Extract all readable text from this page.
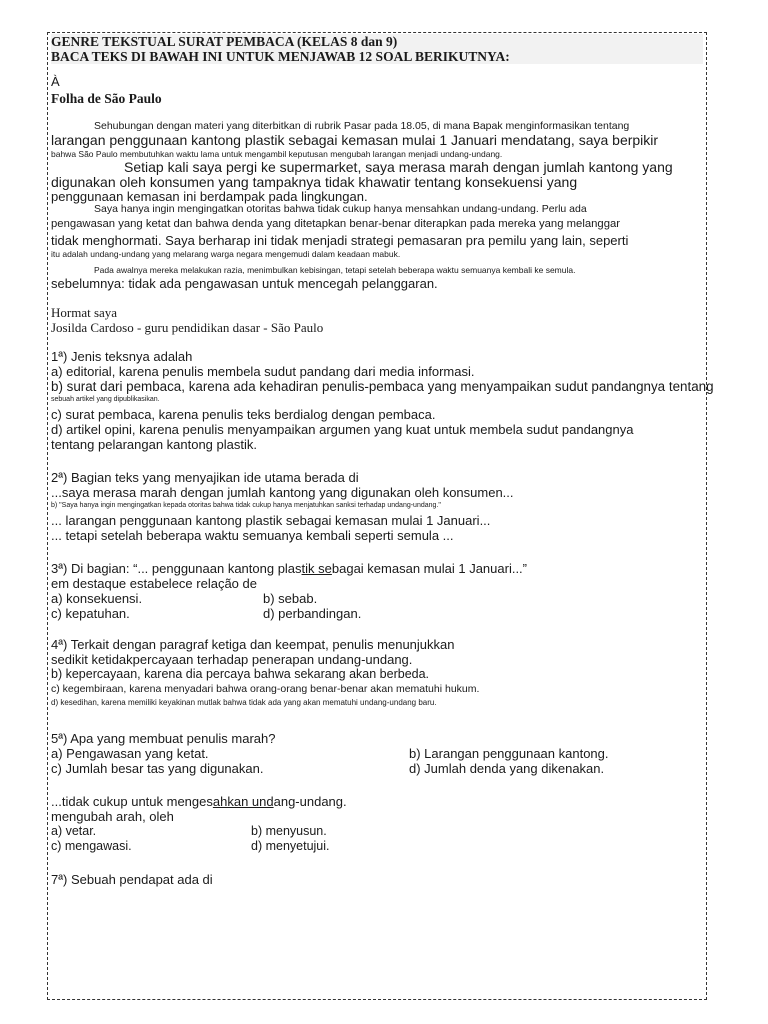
GENRE TEKSTUAL SURAT PEMBACA (KELAS 8 dan 9)
BACA TEKS DI BAWAH INI UNTUK MENJAWAB 12 SOAL BERIKUTNYA:
À
Folha de São Paulo
Sehubungan dengan materi yang diterbitkan di rubrik Pasar pada 18.05, di mana Bapak menginformasikan tentang
larangan penggunaan kantong plastik sebagai kemasan mulai 1 Januari mendatang, saya berpikir
bahwa São Paulo membutuhkan waktu lama untuk mengambil keputusan mengubah larangan menjadi undang-undang.
Setiap kali saya pergi ke supermarket, saya merasa marah dengan jumlah kantong yang
digunakan oleh konsumen yang tampaknya tidak khawatir tentang konsekuensi yang
penggunaan kemasan ini berdampak pada lingkungan.
Saya hanya ingin mengingatkan otoritas bahwa tidak cukup hanya mensahkan undang-undang. Perlu ada
pengawasan yang ketat dan bahwa denda yang ditetapkan benar-benar diterapkan pada mereka yang melanggar
tidak menghormati. Saya berharap ini tidak menjadi strategi pemasaran pra pemilu yang lain, seperti
itu adalah undang-undang yang melarang warga negara mengemudi dalam keadaan mabuk.
Pada awalnya mereka melakukan razia, menimbulkan kebisingan, tetapi setelah beberapa waktu semuanya kembali ke semula.
sebelumnya: tidak ada pengawasan untuk mencegah pelanggaran.
Hormat saya
Josilda Cardoso - guru pendidikan dasar - São Paulo
1ª) Jenis teksnya adalah
a) editorial, karena penulis membela sudut pandang dari media informasi.
b) surat dari pembaca, karena ada kehadiran penulis-pembaca yang menyampaikan sudut pandangnya tentang
sebuah artikel yang dipublikasikan.
c) surat pembaca, karena penulis teks berdialog dengan pembaca.
d) artikel opini, karena penulis menyampaikan argumen yang kuat untuk membela sudut pandangnya
tentang pelarangan kantong plastik.
2ª) Bagian teks yang menyajikan ide utama berada di
...saya merasa marah dengan jumlah kantong yang digunakan oleh konsumen...
b) "Saya hanya ingin mengingatkan kepada otoritas bahwa tidak cukup hanya menjatuhkan sanksi terhadap undang-undang."
... larangan penggunaan kantong plastik sebagai kemasan mulai 1 Januari...
... tetapi setelah beberapa waktu semuanya kembali seperti semula ...
3ª) Di bagian: “... penggunaan kantong plastik sebagai kemasan mulai 1 Januari...”
em destaque estabelece relação de
a) konsekuensi.	b) sebab.
c) kepatuhan.	d) perbandingan.
4ª) Terkait dengan paragraf ketiga dan keempat, penulis menunjukkan
sedikit ketidakpercayaan terhadap penerapan undang-undang.
b) kepercayaan, karena dia percaya bahwa sekarang akan berbeda.
c) kegembiraan, karena menyadari bahwa orang-orang benar-benar akan mematuhi hukum.
d) kesedihan, karena memiliki keyakinan mutlak bahwa tidak ada yang akan mematuhi undang-undang baru.
5ª) Apa yang membuat penulis marah?
a) Pengawasan yang ketat.	b) Larangan penggunaan kantong.
c) Jumlah besar tas yang digunakan.	d) Jumlah denda yang dikenakan.
...tidak cukup untuk mengesahkan undang-undang.
mengubah arah, oleh
a) vetar.	b) menyusun.
c) mengawasi.	d) menyetujui.
7ª) Sebuah pendapat ada di
